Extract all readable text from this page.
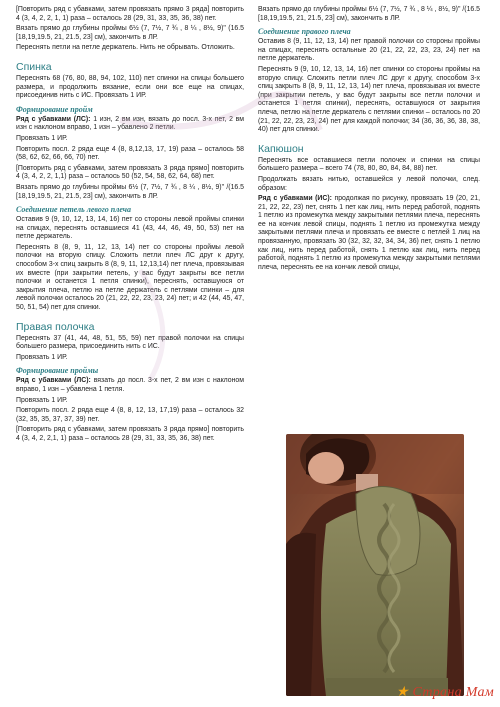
[Повторить ряд с убавками, затем провязать прямо 3 ряда] повторить 4 (3, 4, 2, 2, 1, 1) раза – осталось 28 (29, 31, 33, 35, 36, 38) пет.

Вязать прямо до глубины проймы 6½ (7, 7½, 7 ¾ , 8 ¼ , 8½, 9)" (16.5 [18,19,19.5, 21, 21.5, 23] см), закончить в ЛР.

Переснять петли на петле держатель. Нить не обрывать. Отложить.

Спинка

Переснять 68 (76, 80, 88, 94, 102, 110) пет спинки на спицы большего размера, и продолжить вязание, если они все еще на спицах, присоединив нить с ИС. Провязать 1 ИР.

Формирование пройм

Ряд с убавками (ЛС): 1 изн, 2 вм изн, вязать до посл. 3-х пет, 2 вм изн с наклоном вправо, 1 изн – убавлено 2 петли.

Провязать 1 ИР.

Повторить посл. 2 ряда еще 4 (8, 8,12,13, 17, 19) раза – осталось 58 (58, 62, 62, 66, 66, 70) пет.

[Повторить ряд с убавками, затем провязать 3 ряда прямо] повторить 4 (3, 4, 2, 2, 1,1) раза – осталось 50 (52, 54, 58, 62, 64, 68) пет.

Вязать прямо до глубины проймы 6½ (7, 7½, 7 ¾ , 8 ¼ , 8½, 9)" /(16.5 [18,19,19.5, 21, 21.5, 23] см), закончить в ЛР.

Соединение петель левого плеча

Оставив 9 (9, 10, 12, 13, 14, 16) пет со стороны левой проймы спинки на спицах, переснять оставшиеся 41 (43, 44, 46, 49, 50, 53) пет на петле держатель.

Переснять 8 (8, 9, 11, 12, 13, 14) пет со стороны проймы левой полочки на вторую спицу. Сложить петли плеч ЛС друг к другу, способом 3-х спиц закрыть 8 (8, 9, 11, 12,13,14) пет плеча, провязывая их вместе (при закрытии петель, у вас будут закрыты все петли полочки и останется 1 петля спинки), переснять, оставшуюся от закрытия плеча, петлю на петле держатель с петлями спинки – для левой полочки осталось 20 (21, 22, 22, 23, 23, 24) пет; и 42 (44, 45, 47, 50, 51, 54) пет для спинки.

Правая полочка

Переснять 37 (41, 44, 48, 51, 55, 59) пет правой полочки на спицы большего размера, присоединить нить с ИС.

Провязать 1 ИР.

Формирование проймы

Ряд с убавками (ЛС): вязать до посл. 3-х пет, 2 вм изн с наклоном вправо, 1 изн – убавлена 1 петля.

Провязать 1 ИР.

Повторить посл. 2 ряда еще 4 (8, 8, 12, 13, 17,19) раза – осталось 32 (32, 35, 35, 37, 37, 39) пет.

[Повторить ряд с убавками, затем провязать 3 ряда прямо] повторить 4 (3, 4, 2, 2,1, 1) раза – осталось 28 (29, 31, 33, 35, 36, 38) пет.

Вязать прямо до глубины проймы 6½ (7, 7½, 7 ¾ , 8 ¼ , 8½, 9)" /(16.5 [18,19,19.5, 21, 21.5, 23] см), закончить в ЛР.

Соединение правого плеча

Оставив 8 (9, 11, 12, 13, 14) пет правой полочки со стороны проймы на спицах, переснять остальные 20 (21, 22, 22, 23, 23, 24) пет на петле держатель.

Переснять 9 (9, 10, 12, 13, 14, 16) пет спинки со стороны проймы на вторую спицу. Сложить петли плеч ЛС друг к другу, способом 3-х спиц закрыть 8 (8, 9, 11, 12, 13, 14) пет плеча, провязывая их вместе (при закрытии петель, у вас будут закрыты все петли полочки и останется 1 петля спинки), переснять, оставшуюся от закрытия плеча, петлю на петле держатель с петлями спинки – осталось по 20 (21, 22, 22, 23, 23, 24) пет для каждой полочки; 34 (36, 36, 36, 38, 38, 40) пет для спинки.

Капюшон

Переснять все оставшиеся петли полочек и спинки на спицы большего размера – всего 74 (78, 80, 80, 84, 84, 88) пет.

Продолжать вязать нитью, оставшейся у левой полочки, след. образом:

Ряд с убавками (ИС): продолжая по рисунку, провязать 19 (20, 21, 21, 22, 22, 23) пет, снять 1 пет как лиц, нить перед работой, поднять 1 петлю из промежутка между закрытыми петлями плеча, переснять ее на кончик левой спицы, поднять 1 петлю из промежутка между закрытыми петлями плеча и провязать ее вместе с петлей 1 лиц на провязанную, провязать 30 (32, 32, 32, 34, 34, 36) пет, снять 1 петлю как лиц, нить перед работой, снять 1 петлю как лиц, нить перед работой, поднять 1 петлю из промежутка между закрытыми петлями плеча, переснять ее на кончик левой спицы,

★ Страна Мам
